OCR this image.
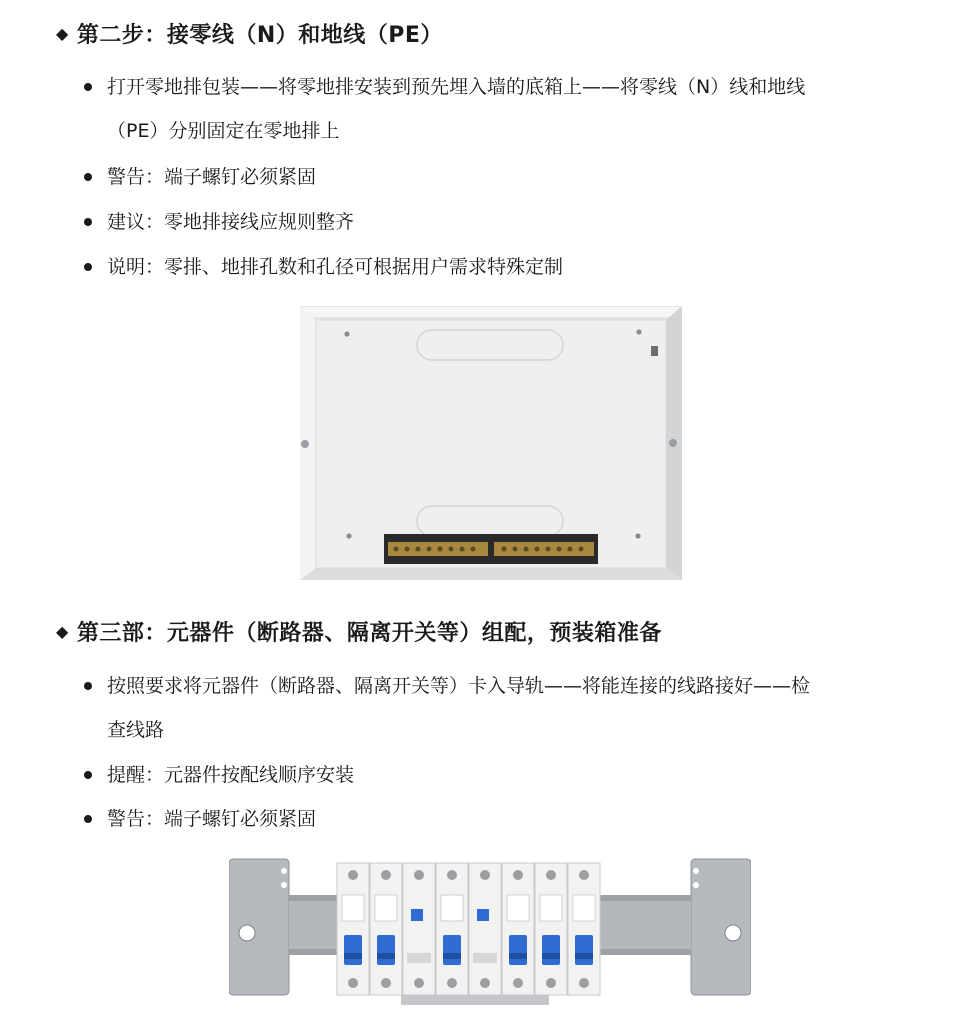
◆ 第二步：接零线（N）和地线（PE）
打开零地排包装——将零地排安装到预先埋入墙的底箱上——将零线（N）线和地线
（PE）分别固定在零地排上
警告：端子螺钉必须紧固
建议：零地排接线应规则整齐
说明：零排、地排孔数和孔径可根据用户需求特殊定制
◆ 第三部：元器件（断路器、隔离开关等）组配，预装箱准备
按照要求将元器件（断路器、隔离开关等）卡入导轨——将能连接的线路接好——检
查线路
提醒：元器件按配线顺序安装
警告：端子螺钉必须紧固
